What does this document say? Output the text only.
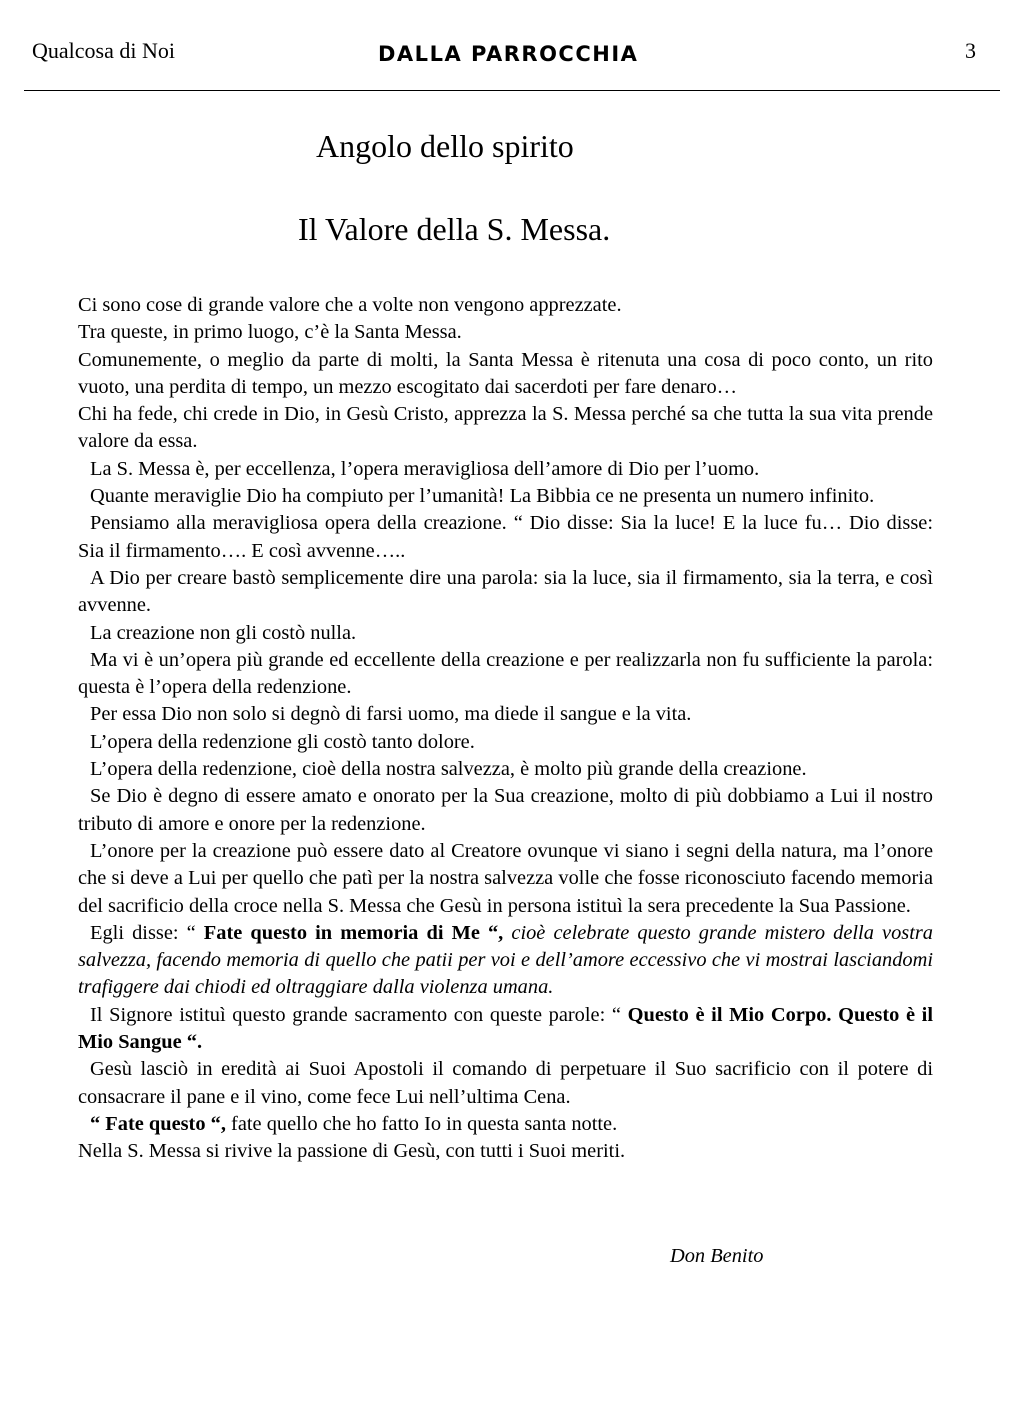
Qualcosa di Noi	DALLA PARROCCHIA	3
Angolo dello spirito
Il Valore della S. Messa.

Ci sono cose di grande valore che a volte non vengono apprezzate.

Tra queste, in primo luogo, c’è la Santa Messa.

Comunemente, o meglio da parte di molti, la Santa Messa è ritenuta una cosa di poco conto, un rito vuoto, una perdita di tempo, un mezzo escogitato dai sacerdoti per fare denaro…

Chi ha fede, chi crede in Dio, in Gesù Cristo, apprezza la S. Messa perché sa che tutta la sua vita prende valore da essa.

La S. Messa è, per eccellenza, l’opera meravigliosa dell’amore di Dio per l’uomo.

Quante meraviglie Dio ha compiuto per l’umanità! La Bibbia ce ne presenta un numero infinito.

Pensiamo alla meravigliosa opera della creazione. “ Dio disse: Sia la luce! E la luce fu… Dio disse: Sia il firmamento…. E così avvenne…..

A Dio per creare bastò semplicemente dire una parola: sia la luce, sia il firmamento, sia la terra, e così avvenne.

La creazione non gli costò nulla.

Ma vi è un’opera più grande ed eccellente della creazione e per realizzarla non fu sufficiente la parola: questa è l’opera della redenzione.

Per essa Dio non solo si degnò di farsi uomo, ma diede il sangue e la vita.

L’opera della redenzione gli costò tanto dolore.

L’opera della redenzione, cioè della nostra salvezza, è molto più grande della creazione.

Se Dio è degno di essere amato e onorato per la Sua creazione, molto di più dobbiamo a Lui il nostro tributo di amore e onore per la redenzione.

L’onore per la creazione può essere dato al Creatore ovunque vi siano i segni della natura, ma l’onore che si deve a Lui per quello che patì per la nostra salvezza volle che fosse riconosciuto facendo memoria del sacrificio della croce nella S. Messa che Gesù in persona istituì la sera precedente la Sua Passione.

Egli disse: “ Fate questo in memoria di Me “, cioè celebrate questo grande mistero della vostra salvezza, facendo memoria di quello che patii per voi e dell’amore eccessivo che vi mostrai lasciandomi trafiggere dai chiodi ed oltraggiare dalla violenza umana.

Il Signore istituì questo grande sacramento con queste parole: “ Questo è il Mio Corpo. Questo è il Mio Sangue “.

Gesù lasciò in eredità ai Suoi Apostoli il comando di perpetuare il Suo sacrificio con il potere di consacrare il pane e il vino, come fece Lui nell’ultima Cena.

“ Fate questo “, fate quello che ho fatto Io in questa santa notte.

Nella S. Messa si rivive la passione di Gesù, con tutti i Suoi meriti.

Don Benito
